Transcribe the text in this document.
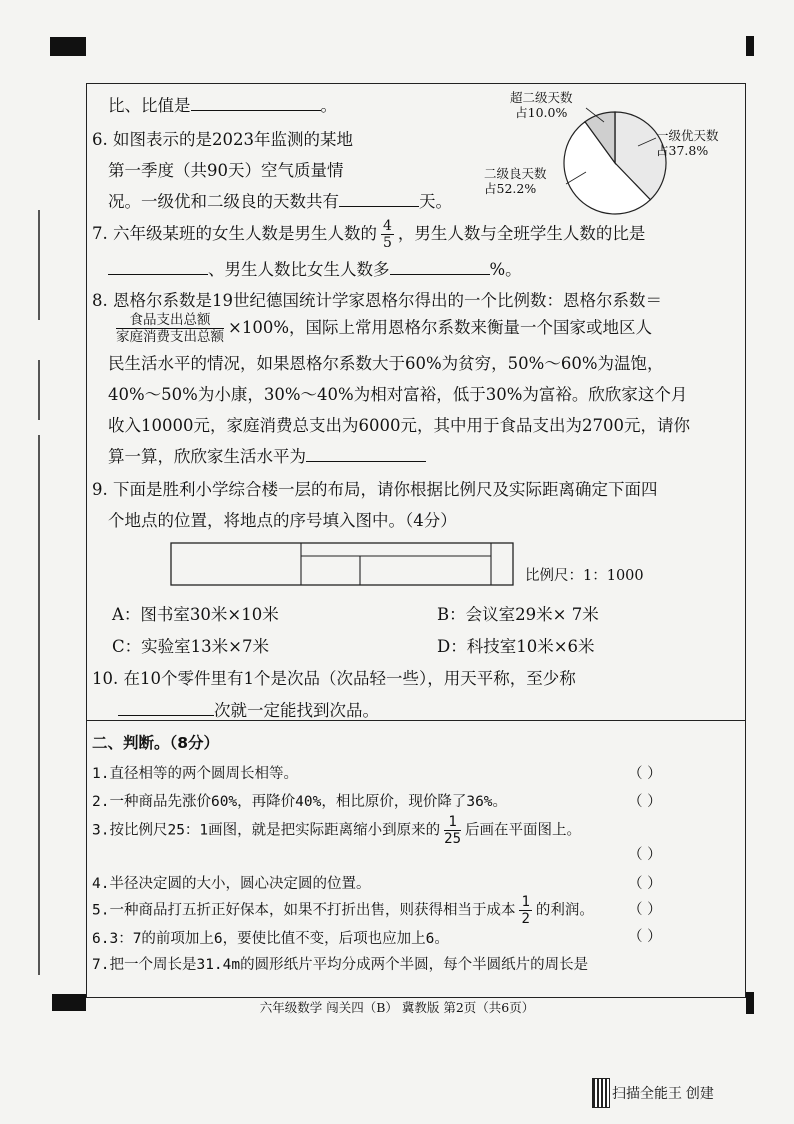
比、比值是	。
6. 如图表示的是2023年监测的某地
第一季度（共90天）空气质量情
况。一级优和二级良的天数共有	天。
超二级天数
占10.0%
一级优天数
占37.8%
二级良天数
占52.2%
7. 六年级某班的女生人数是男生人数的 $\frac{4}{5}$ ，男生人数与全班学生人数的比是
、男生人数比女生人数多	%。
8. 恩格尔系数是19世纪德国统计学家恩格尔得出的一个比例数：恩格尔系数＝
$\frac{\text{食品支出总额}}{\text{家庭消费支出总额}} \times 100\%$，国际上常用恩格尔系数来衡量一个国家或地区人
民生活水平的情况，如果恩格尔系数大于60%为贫穷，50%～60%为温饱，
40%～50%为小康，30%～40%为相对富裕，低于30%为富裕。欣欣家这个月
收入10000元，家庭消费总支出为6000元，其中用于食品支出为2700元，请你
算一算，欣欣家生活水平为
9. 下面是胜利小学综合楼一层的布局，请你根据比例尺及实际距离确定下面四
个地点的位置，将地点的序号填入图中。（4分）
比例尺：1：1000
A：图书室30米×10米	B：会议室29米× 7米
C：实验室13米×7米	D：科技室10米×6米
10. 在10个零件里有1个是次品（次品轻一些），用天平称，至少称
次就一定能找到次品。
二、判断。（8分）
1.直径相等的两个圆周长相等。	（ ）
2.一种商品先涨价60%，再降价40%，相比原价，现价降了36%。	（ ）
3.按比例尺25：1画图，就是把实际距离缩小到原来的 $\frac{1}{25}$ 后画在平面图上。
（ ）
4.半径决定圆的大小，圆心决定圆的位置。	（ ）
5.一种商品打五折正好保本，如果不打折出售，则获得相当于成本 $\frac{1}{2}$ 的利润。 （ ）
6.3：7的前项加上6，要使比值不变，后项也应加上6。	（ ）
7.把一个周长是31.4m的圆形纸片平均分成两个半圆，每个半圆纸片的周长是
六年级数学 闯关四（B） 冀教版 第2页（共6页）
扫描全能王 创建
